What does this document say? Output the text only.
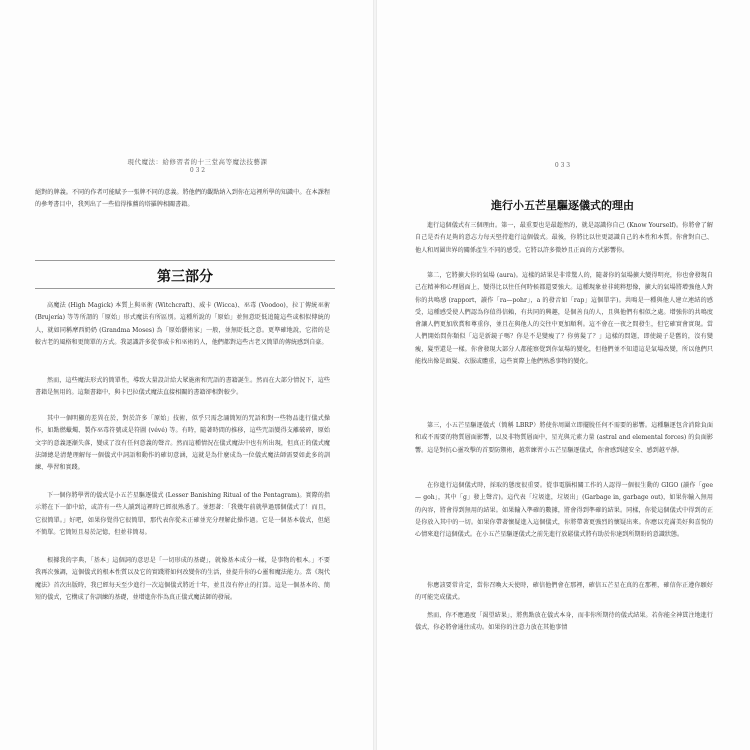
現代魔法：給修習者的十三堂高等魔法技藝課
0 3 2
絕對的牌義。不同的作者可能賦予一張牌不同的意義。將他們的觀點納入到你在這裡所學的知識中。在本課程的參考書目中，我列出了一些值得推薦的塔羅牌相關書籍。
第三部分
高魔法 (High Magick) 本質上與巫術 (Witchcraft)、威卡 (Wicca)、巫毒 (Voodoo)，拉丁傳統巫術 (Brujería) 等等所謂的「原始」形式魔法有所區別。這種所說的「原始」並無意貶低追隨這些或相似傳統的人，就如同稱摩西奶奶 (Grandma Moses) 為「原始藝術家」一般，並無貶低之意。更準確地說，它指的是較古老的風格和更簡單的方式。我認識許多從事威卡和巫術的人，他們都對這些古老又簡單的傳統感到自豪。
然而，這些魔法形式的簡單性，導致大量設計給大眾施術和咒語的書籍誕生。然而在大部分情況下，這些書籍是無用的。這類書籍中，與卡巴拉儀式魔法直接相關的書籍卻相對較少。
其中一個明顯的差異在於，對於許多「原始」技術，似乎只需念誦簡短的咒語和對一些物品進行儀式操作，如點燃蠟燭、製作巫毒符號或是符圖 (vévé) 等。有時，隨著時間的推移，這些咒語變得支離破碎，原始文字的意義逐漸失落，變成了沒有任何意義的聲音。然而這種情況在儀式魔法中也有所出現，但真正的儀式魔法師總是清楚理解每一個儀式中詞語和動作的確切意涵，這就是為什麼成為一位儀式魔法師需要如此多的訓練、學習和實踐。
下一個你將學習的儀式是小五芒星驅逐儀式 (Lesser Banishing Ritual of the Pentagram)。實際的指示將在下一節中給，或許有一些人讀到這裡時已經很熟悉了。並想著：「我幾年前就學過那個儀式了！而且，它很簡單。」好吧，如果你覺得它很簡單，那代表你從未正確並充分理解此操作過。它是一個基本儀式，但絕不簡單。它簡短且易於記憶，但並非簡易。
根據我的字典，「基本」這個詞的意思是「一切形成的基礎」，就像基本成分一樣，是事物的根本。」不要我再次強調，這個儀式的根本性質以及它的實踐將如何改變你的生活，並提升你的心靈和魔法能力。當《現代魔法》首次出版時，我已經每天至少進行一次這個儀式將近十年，並且沒有停止的打算。這是一個基本的、簡短的儀式，它構成了你訓練的基礎，並增進你作為真正儀式魔法師的發展。
0 3 3
進行小五芒星驅逐儀式的理由
進行這個儀式有三個理由。第一，最重要也是最超然的，就是認識你自己 (Know Yourself)。你將會了解自己是否有足夠的意志力每天堅持進行這個儀式。最後，你將比以往更認識自己的本性和本質。你會對自己、他人和周圍世界的關係產生不同的感受。它將以許多微妙且正面的方式影響你。
第二，它將擴大你的氣場 (aura)。這樣的結果是非常驚人的，隨著你的氣場擴大變得明亮，你也會發現自己在精神和心理層面上，變得比以往任何時候都還要強大。這種現象並非純粹想像，擴大的氣場將增強他人對你的共鳴感 (rapport，讀作「ra—pohr」，a 的發音如「rap」這個單字)。共鳴是一種與他人建立連結的感受，這種感受使人們認為你值得信賴，有共同的興趣，是個善良的人，且與他們有相似之處。增強你的共鳴度會讓人們更加欣賞和尊重你，並且在與他人的交往中更加順利。這不會在一夜之間發生，但它確實會實現。當人們開始問你類似「這是新鏡子嗎？你是不是變瘦了？你剪髮了？」這樣的問題，即使鏡子是舊的，沒有變瘦，髮型還是一樣。你會發現大部分人都能察覺到你氣場的變化，但他們並不知道這是氣場改變，所以他們只能找出像是頭髮、衣服或體重，這些實際上他們熟悉事物的變化。
第三，小五芒星驅逐儀式（簡稱 LBRP）將使你周圍立即擺脫任何不需要的影響。這種驅逐包含消除負面和或不需要的物質層面影響，以及非物質層面中，星光與元素力量 (astral and elemental forces) 的負面影響。這是對抗心靈攻擊的首要防禦術，越常練習小五芒星驅逐儀式，你會感到越安全、感到越平靜。
在你進行這個儀式時，採取的態度很重要。從事電腦相關工作的人認得一個很生動的 GIGO (讀作「gee — goh」，其中「g」發上聲音)。這代表「垃圾進，垃圾出」(Garbage in, garbage out)，如果你輸入無用的內容，將會得到無用的結果。如果輸入準確的數據，將會得到準確的結果。同樣，你從這個儀式中得到的正是你放入其中的一切。如果你帶著懷疑進入這個儀式，你將帶著更強烈的懷疑出來。你應以充滿美好與喜悅的心情來進行這個儀式。在小五芒星驅逐儀式之前先進行放鬆儀式將有助於你達到所期盼的意識狀態。
你應該要常肯定，當你召喚大天使時，確信他們會在那裡，確信五芒星在真的在那裡，確信你正遵你願好的可能完成儀式。
然而，你不應過度「渴望結果」，將焦點放在儀式本身，而非你所期待的儀式結果。若你能全神貫注地進行儀式，你必將會通往成功。如果你的注意力放在其他事情
